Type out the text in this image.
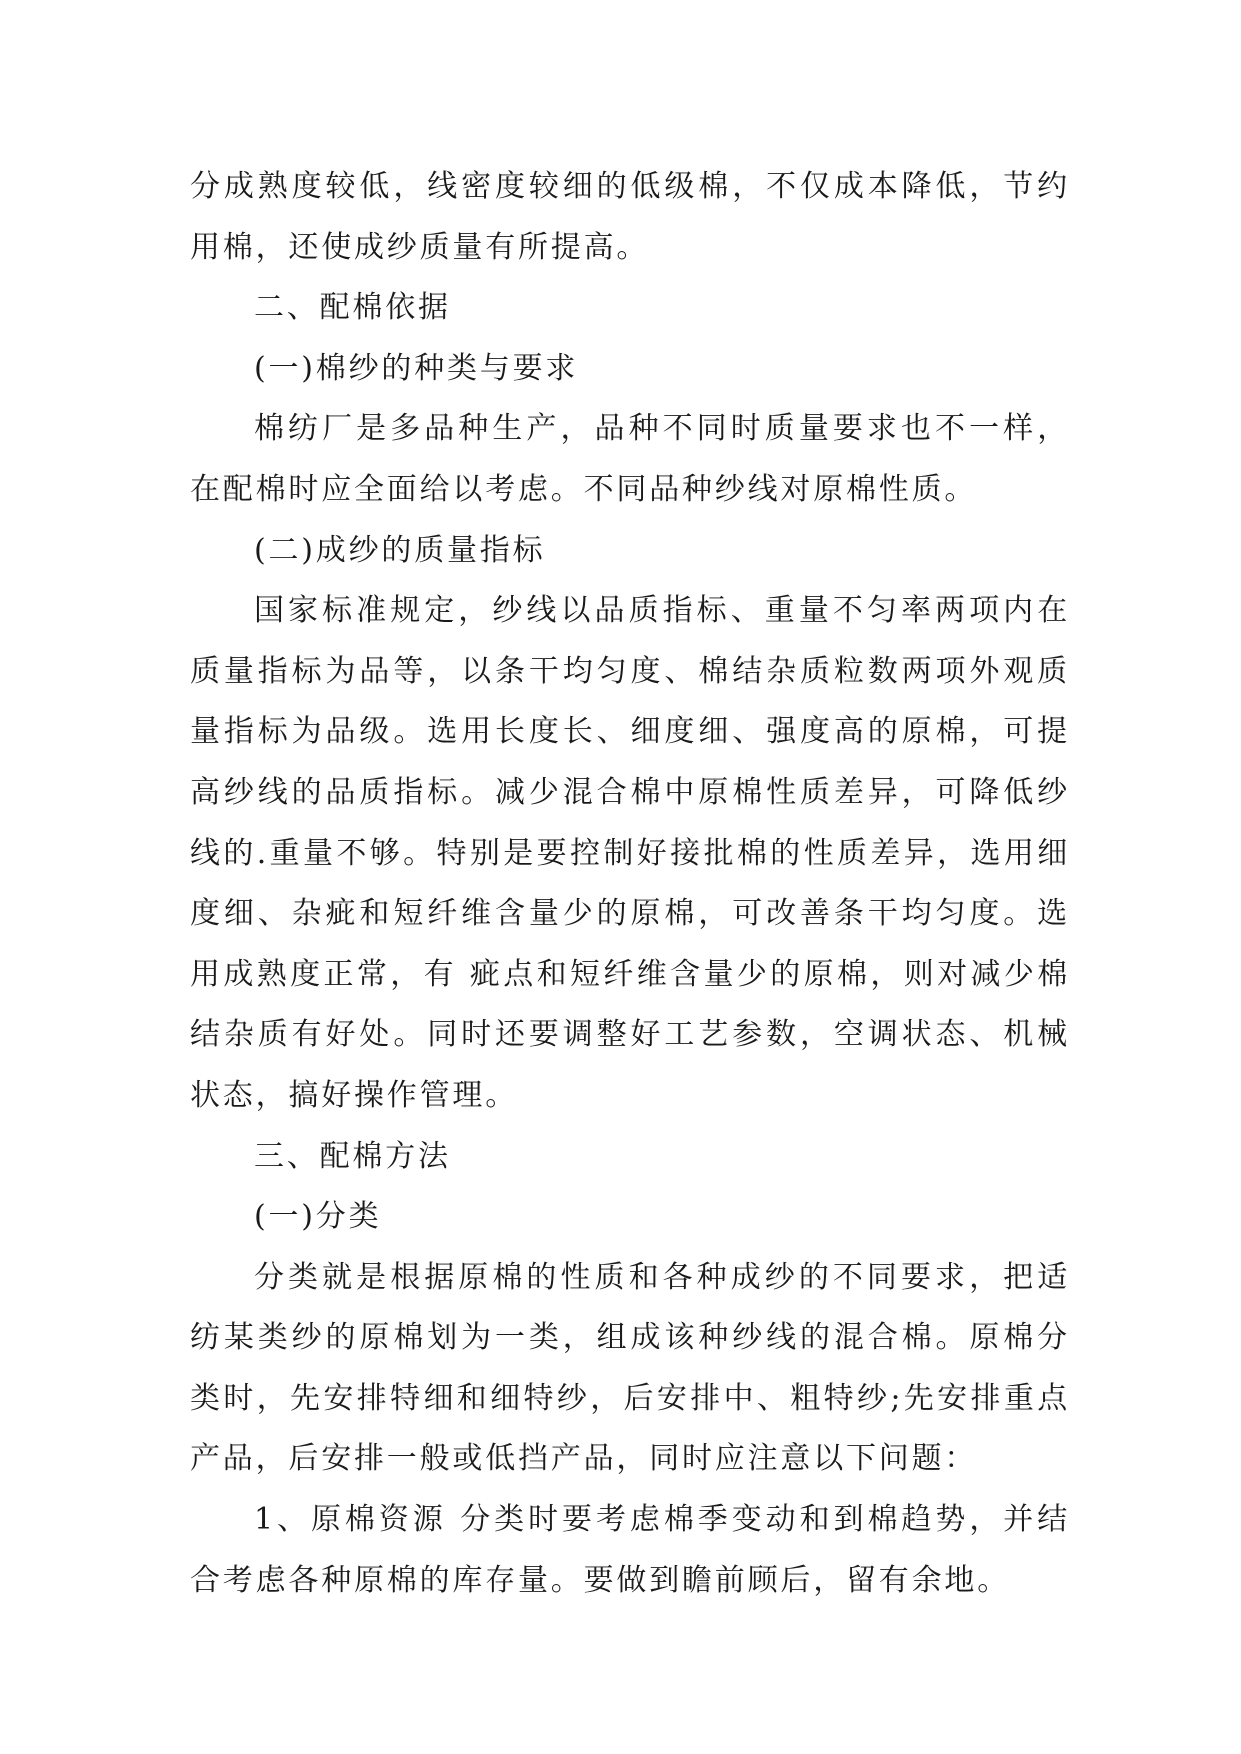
分成熟度较低，线密度较细的低级棉，不仅成本降低，节约用棉，还使成纱质量有所提高。

二、配棉依据

(一)棉纱的种类与要求

棉纺厂是多品种生产，品种不同时质量要求也不一样，在配棉时应全面给以考虑。不同品种纱线对原棉性质。

(二)成纱的质量指标

国家标准规定，纱线以品质指标、重量不匀率两项内在质量指标为品等，以条干均匀度、棉结杂质粒数两项外观质量指标为品级。选用长度长、细度细、强度高的原棉，可提高纱线的品质指标。减少混合棉中原棉性质差异，可降低纱线的.重量不够。特别是要控制好接批棉的性质差异，选用细度细、杂疵和短纤维含量少的原棉，可改善条干均匀度。选用成熟度正常，有 疵点和短纤维含量少的原棉，则对减少棉结杂质有好处。同时还要调整好工艺参数，空调状态、机械状态，搞好操作管理。

三、配棉方法

(一)分类

分类就是根据原棉的性质和各种成纱的不同要求，把适纺某类纱的原棉划为一类，组成该种纱线的混合棉。原棉分类时，先安排特细和细特纱，后安排中、粗特纱;先安排重点产品，后安排一般或低挡产品，同时应注意以下问题：

1、原棉资源 分类时要考虑棉季变动和到棉趋势，并结合考虑各种原棉的库存量。要做到瞻前顾后，留有余地。
